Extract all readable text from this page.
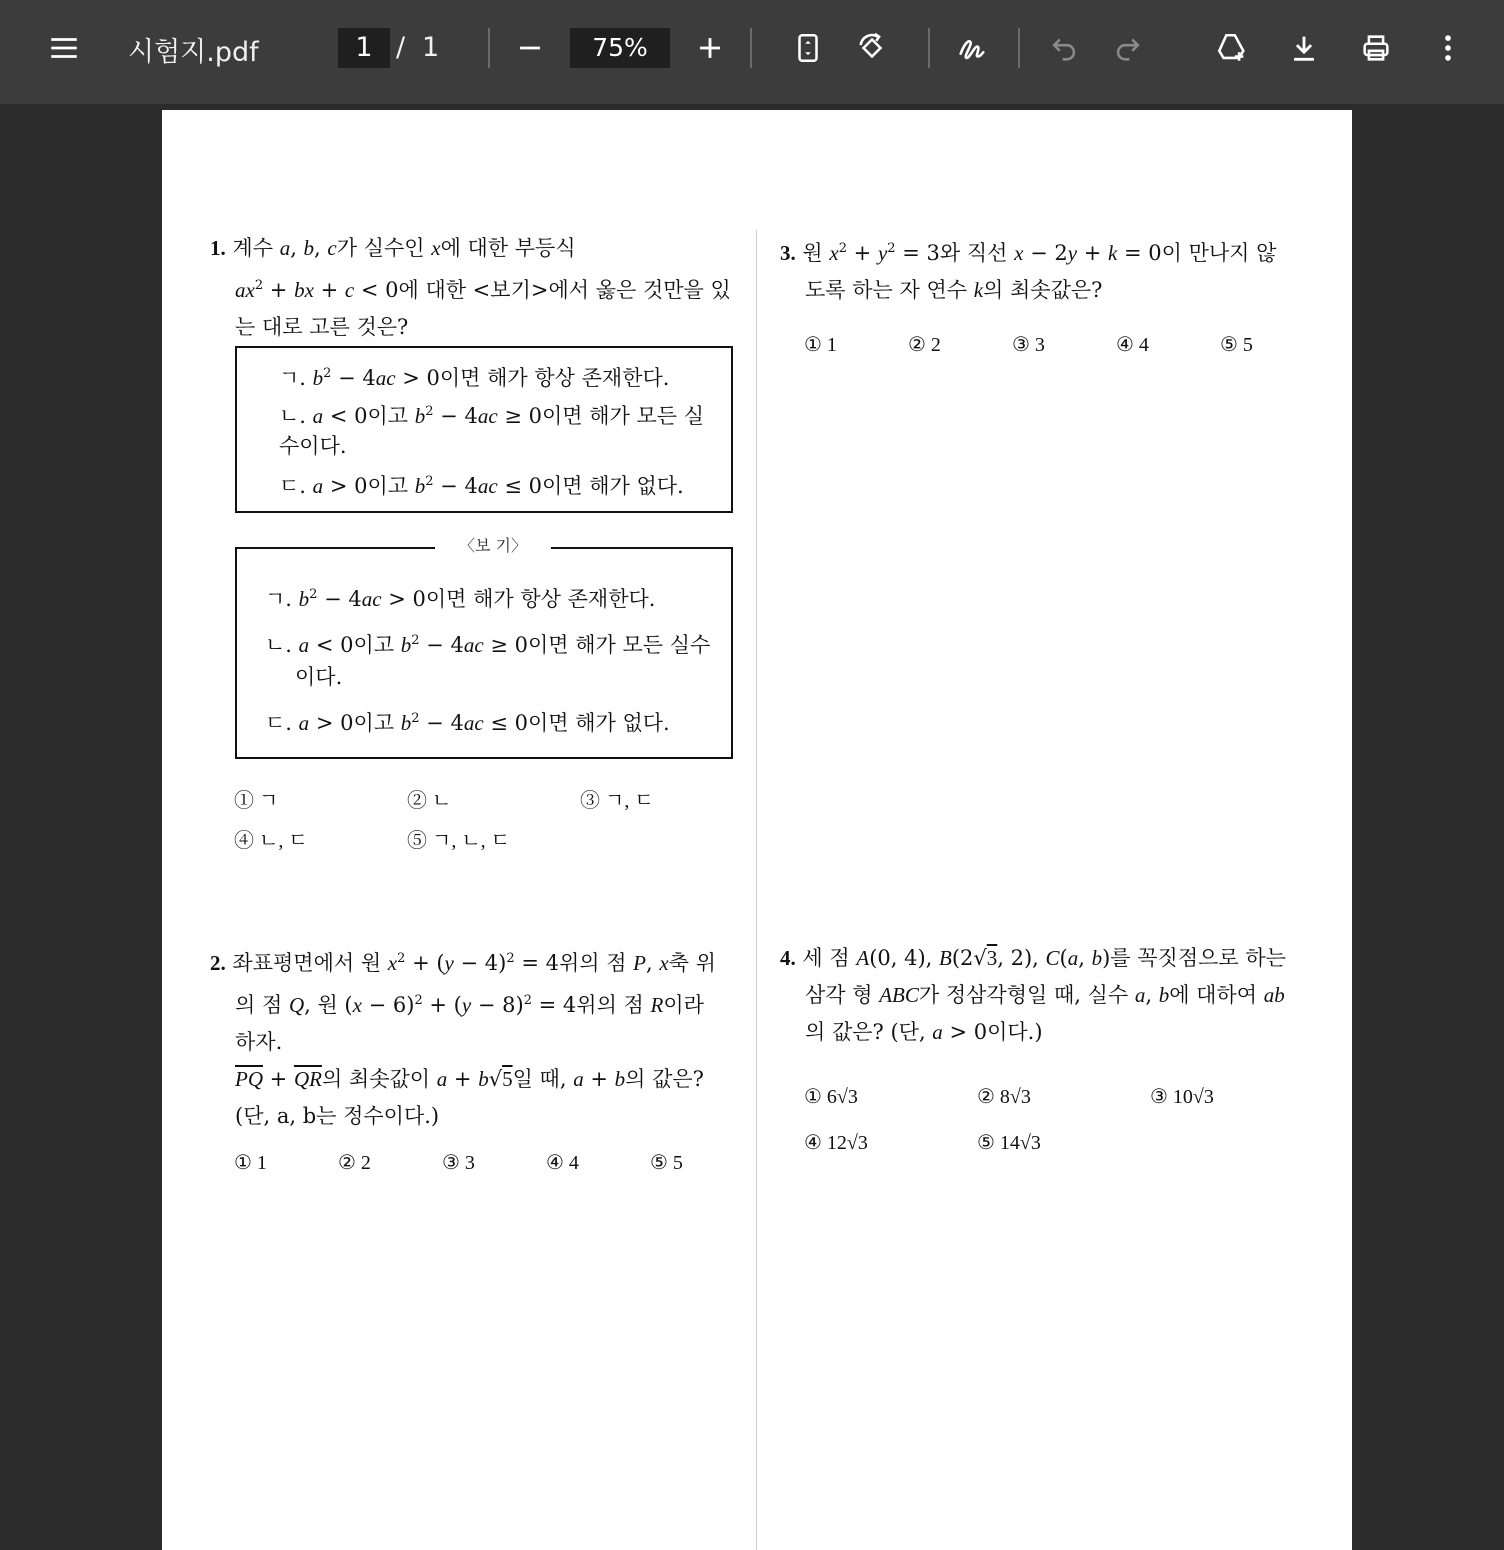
시험지.pdf	1 / 1	75%
1. 계수 a, b, c가 실수인 x에 대한 부등식
$ax^2$ + bx + c < 0에 대한 <보기>에서 옳은 것만을 있
는 대로 고른 것은?
ㄱ. $b^2 - 4ac > 0$이면 해가 항상 존재한다.
ㄴ. a < 0이고 $b^2 - 4ac \ge 0$이면 해가 모든 실
수이다.
ㄷ. a > 0이고 $b^2 - 4ac \le 0$이면 해가 없다.
〈보 기〉
ㄱ. $b^2 - 4ac > 0$이면 해가 항상 존재한다.
ㄴ. a < 0이고 $b^2 - 4ac \ge 0$이면 해가 모든 실수
이다.
ㄷ. a > 0이고 $b^2 - 4ac \le 0$이면 해가 없다.
① ㄱ	② ㄴ	③ ㄱ, ㄷ
④ ㄴ, ㄷ	⑤ ㄱ, ㄴ, ㄷ
2. 좌표평면에서 원 $x^2 + (y - 4)^2 = 4$위의 점 P, x축 위
의 점 Q, 원 $(x - 6)^2 + (y - 8)^2 = 4$위의 점 R이라
하자.
$\overline{PQ} + \overline{QR}$의 최솟값이 a + b√5일 때, a + b의 값은?
(단, a, b는 정수이다.)
① 1	② 2	③ 3	④ 4	⑤ 5
3. 원 $x^2 + y^2 = 3$와 직선 x − 2y + k = 0이 만나지 않
도록 하는 자 연수 k의 최솟값은?
① 1	② 2	③ 3	④ 4	⑤ 5
4. 세 점 A(0, 4), B(2√3, 2), C(a, b)를 꼭짓점으로 하는
삼각 형 ABC가 정삼각형일 때, 실수 a, b에 대하여 ab
의 값은? (단, a > 0이다.)
① 6√3	② 8√3	③ 10√3
④ 12√3	⑤ 14√3
